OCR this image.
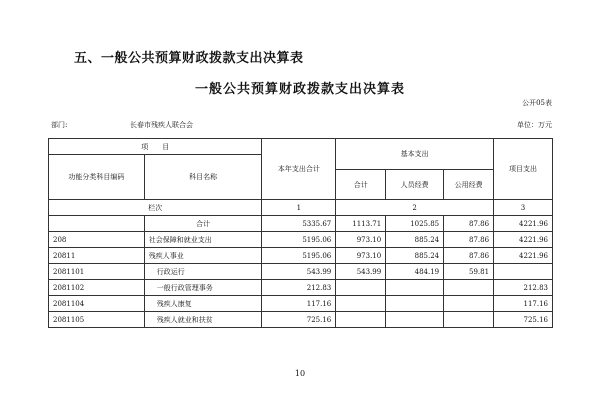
五、一般公共预算财政拨款支出决算表
一般公共预算财政拨款支出决算表
公开05表
部门:	长春市残疾人联合会	单位：万元
项　　目		本年支出合计	基本支出			项目支出
功能分类科目编码	科目名称					
			合计	人员经费	公用经费	
栏次		1	2			3
	合计	5335.67	1113.71	1025.85	87.86	4221.96
208	社会保障和就业支出	5195.06	973.10	885.24	87.86	4221.96
20811	残疾人事业	5195.06	973.10	885.24	87.86	4221.96
2081101	行政运行	543.99	543.99	484.19	59.81	
2081102	一般行政管理事务	212.83				212.83
2081104	残疾人康复	117.16				117.16
2081105	残疾人就业和扶贫	725.16				725.16
10
